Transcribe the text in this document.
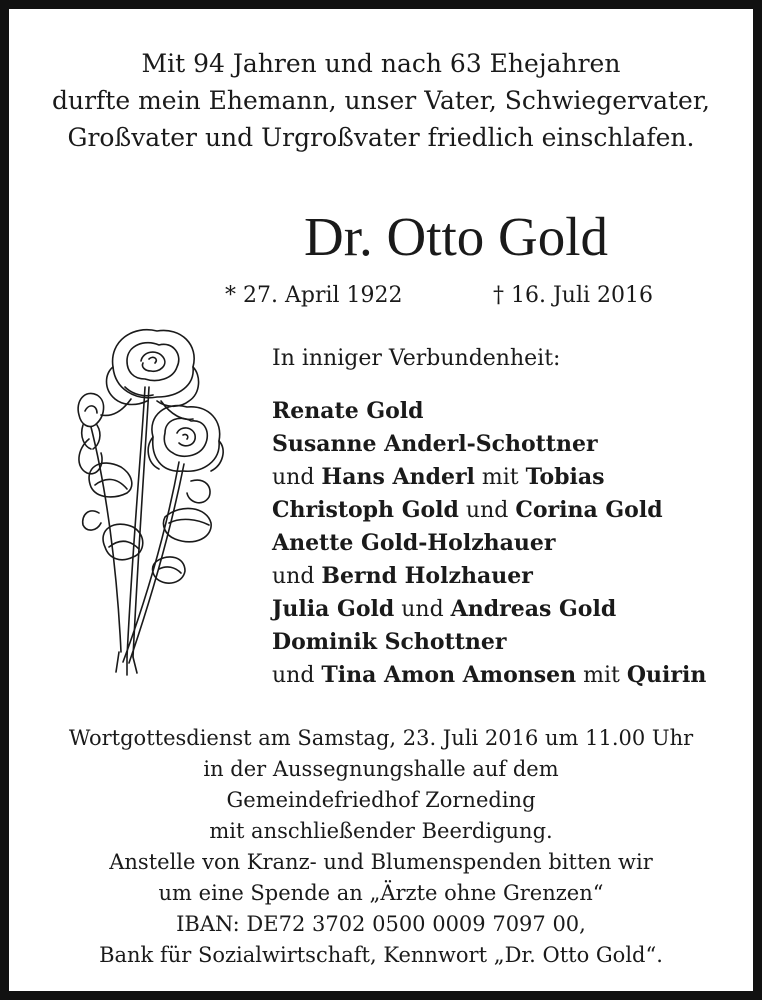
Mit 94 Jahren und nach 63 Ehejahren
durfte mein Ehemann, unser Vater, Schwiegervater,
Großvater und Urgroßvater friedlich einschlafen.
Dr. Otto Gold
* 27. April 1922	† 16. Juli 2016
In inniger Verbundenheit:
Renate Gold
Susanne Anderl-Schottner
und Hans Anderl mit Tobias
Christoph Gold und Corina Gold
Anette Gold-Holzhauer
und Bernd Holzhauer
Julia Gold und Andreas Gold
Dominik Schottner
und Tina Amon Amonsen mit Quirin
Wortgottesdienst am Samstag, 23. Juli 2016 um 11.00 Uhr
in der Aussegnungshalle auf dem
Gemeindefriedhof Zorneding
mit anschließender Beerdigung.
Anstelle von Kranz- und Blumenspenden bitten wir
um eine Spende an „Ärzte ohne Grenzen“
IBAN: DE72 3702 0500 0009 7097 00,
Bank für Sozialwirtschaft, Kennwort „Dr. Otto Gold“.
